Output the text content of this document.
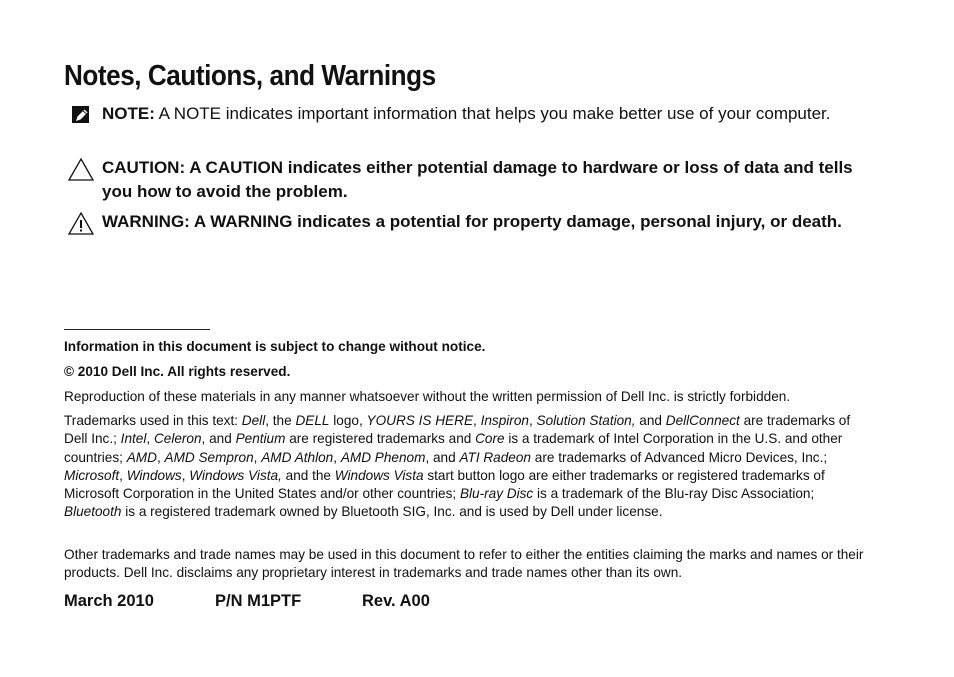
Notes, Cautions, and Warnings
NOTE: A NOTE indicates important information that helps you make better use of your computer.
CAUTION: A CAUTION indicates either potential damage to hardware or loss of data and tells you how to avoid the problem.
WARNING: A WARNING indicates a potential for property damage, personal injury, or death.
Information in this document is subject to change without notice.
© 2010 Dell Inc. All rights reserved.
Reproduction of these materials in any manner whatsoever without the written permission of Dell Inc. is strictly forbidden.
Trademarks used in this text: Dell, the DELL logo, YOURS IS HERE, Inspiron, Solution Station, and DellConnect are trademarks of Dell Inc.; Intel, Celeron, and Pentium are registered trademarks and Core is a trademark of Intel Corporation in the U.S. and other countries; AMD, AMD Sempron, AMD Athlon, AMD Phenom, and ATI Radeon are trademarks of Advanced Micro Devices, Inc.; Microsoft, Windows, Windows Vista, and the Windows Vista start button logo are either trademarks or registered trademarks of Microsoft Corporation in the United States and/or other countries; Blu-ray Disc is a trademark of the Blu-ray Disc Association; Bluetooth is a registered trademark owned by Bluetooth SIG, Inc. and is used by Dell under license.
Other trademarks and trade names may be used in this document to refer to either the entities claiming the marks and names or their products. Dell Inc. disclaims any proprietary interest in trademarks and trade names other than its own.
March 2010	P/N M1PTF	Rev. A00
